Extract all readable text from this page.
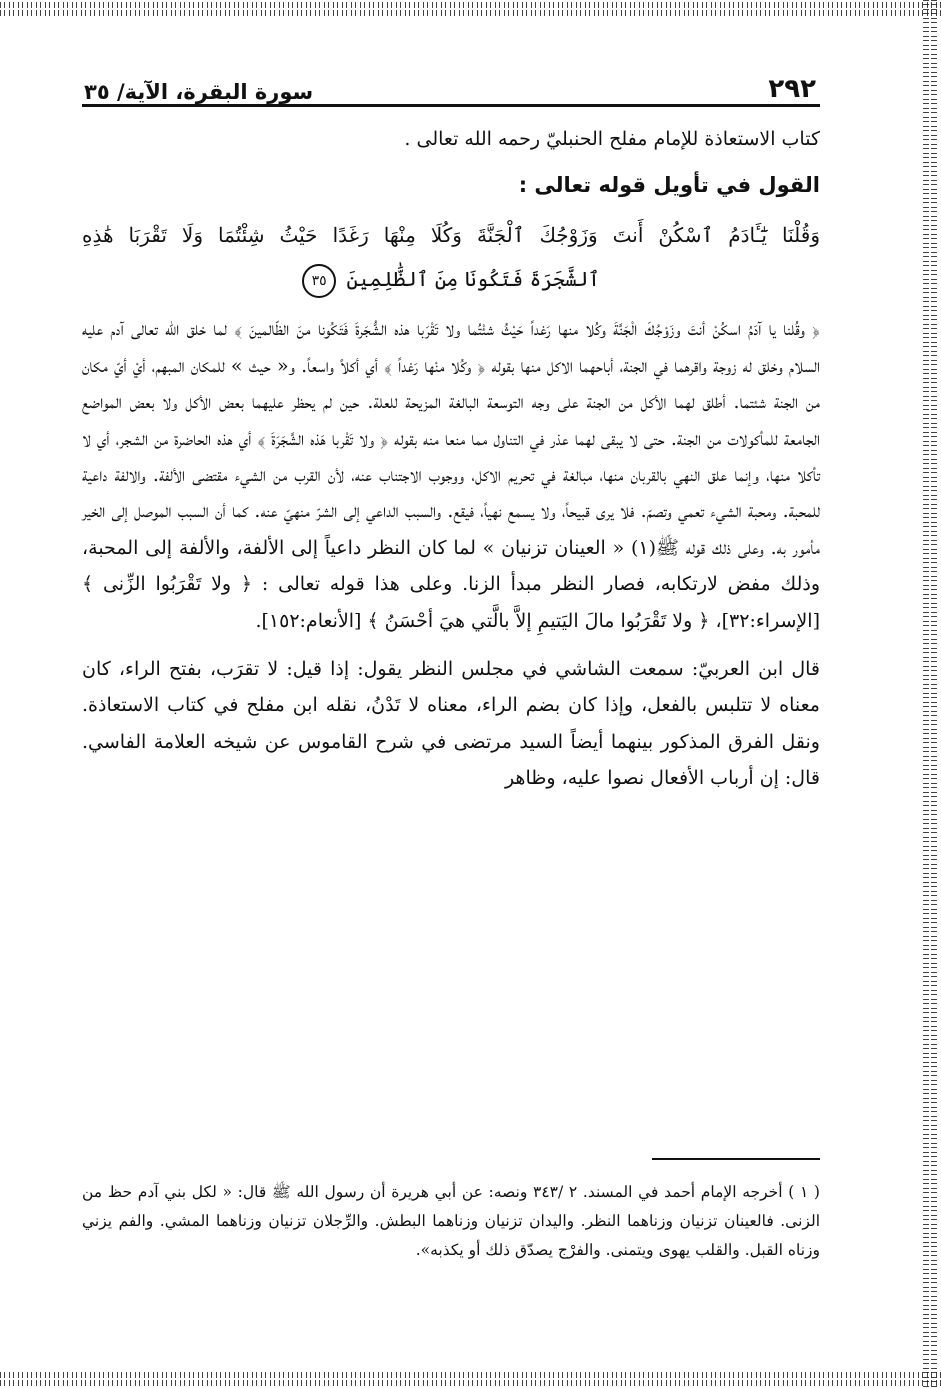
٢٩٢
سورة البقرة، الآية/ ٣٥

كتاب الاستعاذة للإمام مفلح الحنبليّ رحمه الله تعالى .

القول في تأويل قوله تعالى :

وَقُلْنَا يَٰٓـَٔادَمُ ٱسْكُنْ أَنتَ وَزَوْجُكَ ٱلْجَنَّةَ وَكُلَا مِنْهَا رَغَدًا حَيْثُ شِئْتُمَا وَلَا تَقْرَبَا هَٰذِهِ
ٱلشَّجَرَةَ فَتَكُونَا مِنَ ٱلظَّٰلِمِينَ ٣٥

﴿ وقُلنا يا آدَمُ اسكُنْ أنتَ وزَوْجُكَ الْجَنَّةَ وكُلا منها رَغداً حَيْثُ شئْتُما ولا تَقْرَبا هذه الشُّجَرةَ فَتَكُونا منَ الظّالمينَ ﴾ لما خلق الله تعالى آدم عليه السلام وخلق له زوجة واقرهما في الجنة، أباحهما الاكل منها بقوله ﴿ وكُلا منْها رَغداً ﴾ أي أكلاً واسعاً. و« حيث » للمكان المبهم، أيْ أيّ مكان من الجنة شئتما. أطلق لهما الأكل من الجنة على وجه التوسعة البالغة المزيحة للعلة. حين لم يحظر عليهما بعض الأكل ولا بعض المواضع الجامعة للمأكولات من الجنة. حتى لا يبقى لهما عذر في التناول مما منعا منه بقوله ﴿ ولا تَقْربا هَذه الشَّجَرَةَ ﴾ أي هذه الحاضرة من الشجر، أي لا تأكلا منها، وإنما علق النهي بالقربان منها، مبالغة في تحريم الاكل، ووجوب الاجتناب عنه، لأن القرب من الشيء مقتضى الألفة. والالفة داعية للمحبة. ومحبة الشيء تعمي وتصمّ. فلا يرى قبيحاً، ولا يسمع نهياً، فيقع. والسبب الداعي إلى الشرّ منهيّ عنه. كما أن السبب الموصل إلى الخير مأمور به. وعلى ذلك قوله ﷺ(١) « العينان تزنيان » لما كان النظر داعياً إلى الألفة، والألفة إلى المحبة، وذلك مفض لارتكابه، فصار النظر مبدأ الزنا. وعلى هذا قوله تعالى : ﴿ ولا تَقْرَبُوا الزِّنى ﴾ [الإسراء:٣٢]، ﴿ ولا تَقْرَبُوا مالَ اليَتيمِ إلاَّ بالَّتي هيَ أحْسَنُ ﴾ [الأنعام:١٥٢].

قال ابن العربيّ: سمعت الشاشي في مجلس النظر يقول: إذا قيل: لا تقرَب، بفتح الراء، كان معناه لا تتلبس بالفعل، وإذا كان بضم الراء، معناه لا تَدْنُ، نقله ابن مفلح في كتاب الاستعاذة. ونقل الفرق المذكور بينهما أيضاً السيد مرتضى في شرح القاموس عن شيخه العلامة الفاسي. قال: إن أرباب الأفعال نصوا عليه، وظاهر

( ١ ) أخرجه الإمام أحمد في المسند. ٢ /٣٤٣ ونصه: عن أبي هريرة أن رسول الله ﷺ قال: « لكل بني آدم حظ من الزنى. فالعينان تزنيان وزناهما النظر. واليدان تزنيان وزناهما البطش. والرِّجلان تزنيان وزناهما المشي. والفم يزني وزناه القبل. والقلب يهوى ويتمنى. والفرْج يصدّق ذلك أو يكذبه».
